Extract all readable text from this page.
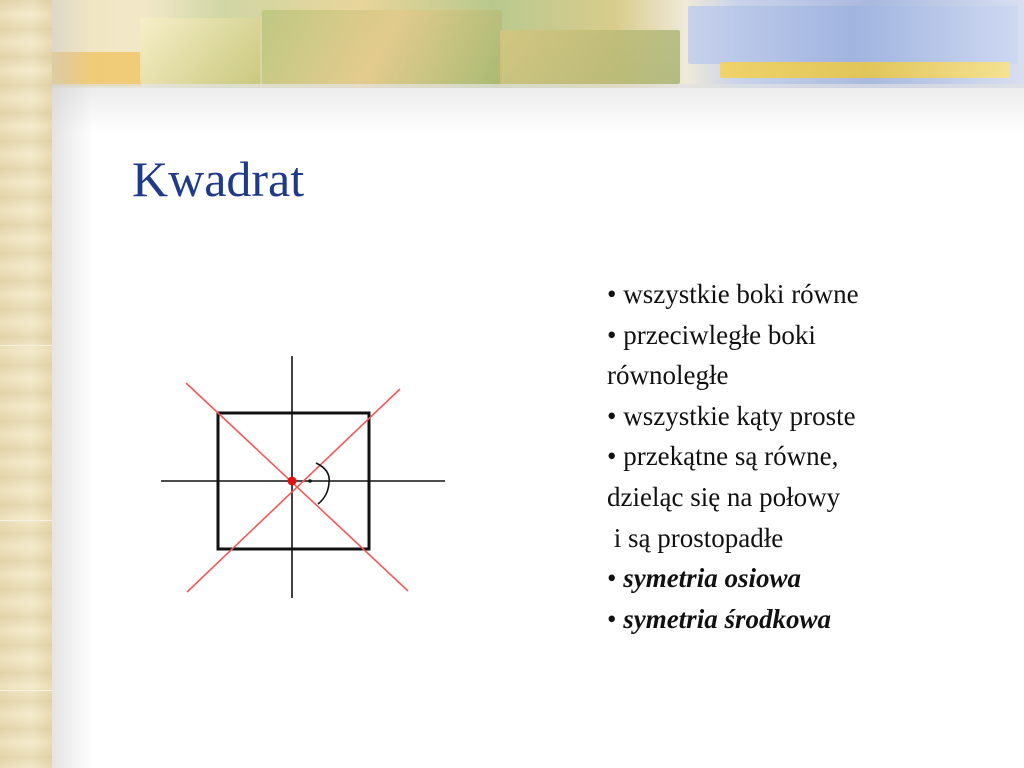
Kwadrat
• wszystkie boki równe
• przeciwległe boki
równoległe
• wszystkie kąty proste
• przekątne są równe,
dzieląc się na połowy
i są prostopadłe
• symetria osiowa
• symetria środkowa
